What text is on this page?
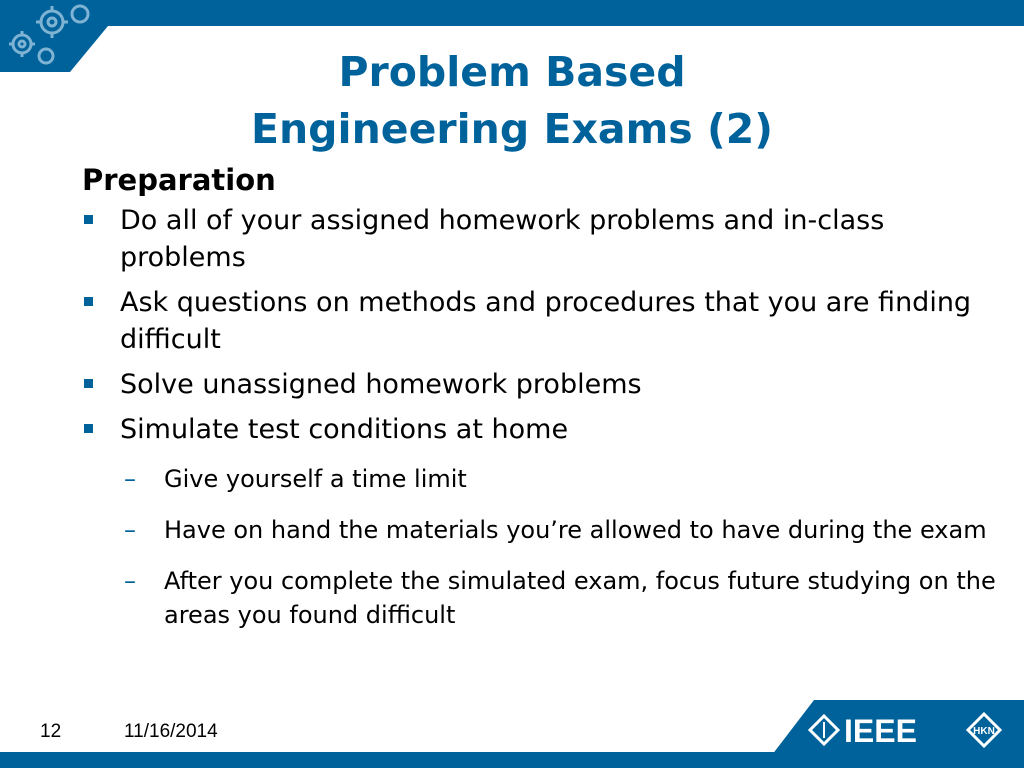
Problem Based
Engineering Exams (2)
Preparation
Do all of your assigned homework problems and in-class problems
Ask questions on methods and procedures that you are finding difficult
Solve unassigned homework problems
Simulate test conditions at home
– Give yourself a time limit
– Have on hand the materials you’re allowed to have during the exam
– After you complete the simulated exam, focus future studying on the areas you found difficult
IEEE	HKN
12	11/16/2014
